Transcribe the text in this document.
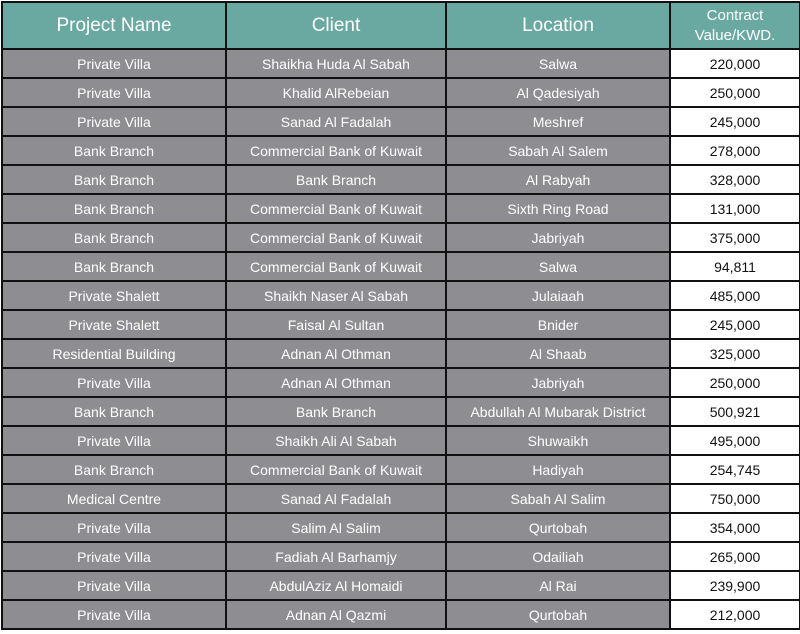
Project Name	Client	Location	Contract
Value/KWD.

Private Villa	Shaikha Huda Al Sabah	Salwa	220,000
Private Villa	Khalid AlRebeian	Al Qadesiyah	250,000
Private Villa	Sanad Al Fadalah	Meshref	245,000
Bank Branch	Commercial Bank of Kuwait	Sabah Al Salem	278,000
Bank Branch	Bank Branch	Al Rabyah	328,000
Bank Branch	Commercial Bank of Kuwait	Sixth Ring Road	131,000
Bank Branch	Commercial Bank of Kuwait	Jabriyah	375,000
Bank Branch	Commercial Bank of Kuwait	Salwa	94,811
Private Shalett	Shaikh Naser Al Sabah	Julaiaah	485,000
Private Shalett	Faisal Al Sultan	Bnider	245,000
Residential Building	Adnan Al Othman	Al Shaab	325,000
Private Villa	Adnan Al Othman	Jabriyah	250,000
Bank Branch	Bank Branch	Abdullah Al Mubarak District	500,921
Private Villa	Shaikh Ali Al Sabah	Shuwaikh	495,000
Bank Branch	Commercial Bank of Kuwait	Hadiyah	254,745
Medical Centre	Sanad Al Fadalah	Sabah Al Salim	750,000
Private Villa	Salim Al Salim	Qurtobah	354,000
Private Villa	Fadiah Al Barhamjy	Odailiah	265,000
Private Villa	AbdulAziz Al Homaidi	Al Rai	239,900
Private Villa	Adnan Al Qazmi	Qurtobah	212,000
